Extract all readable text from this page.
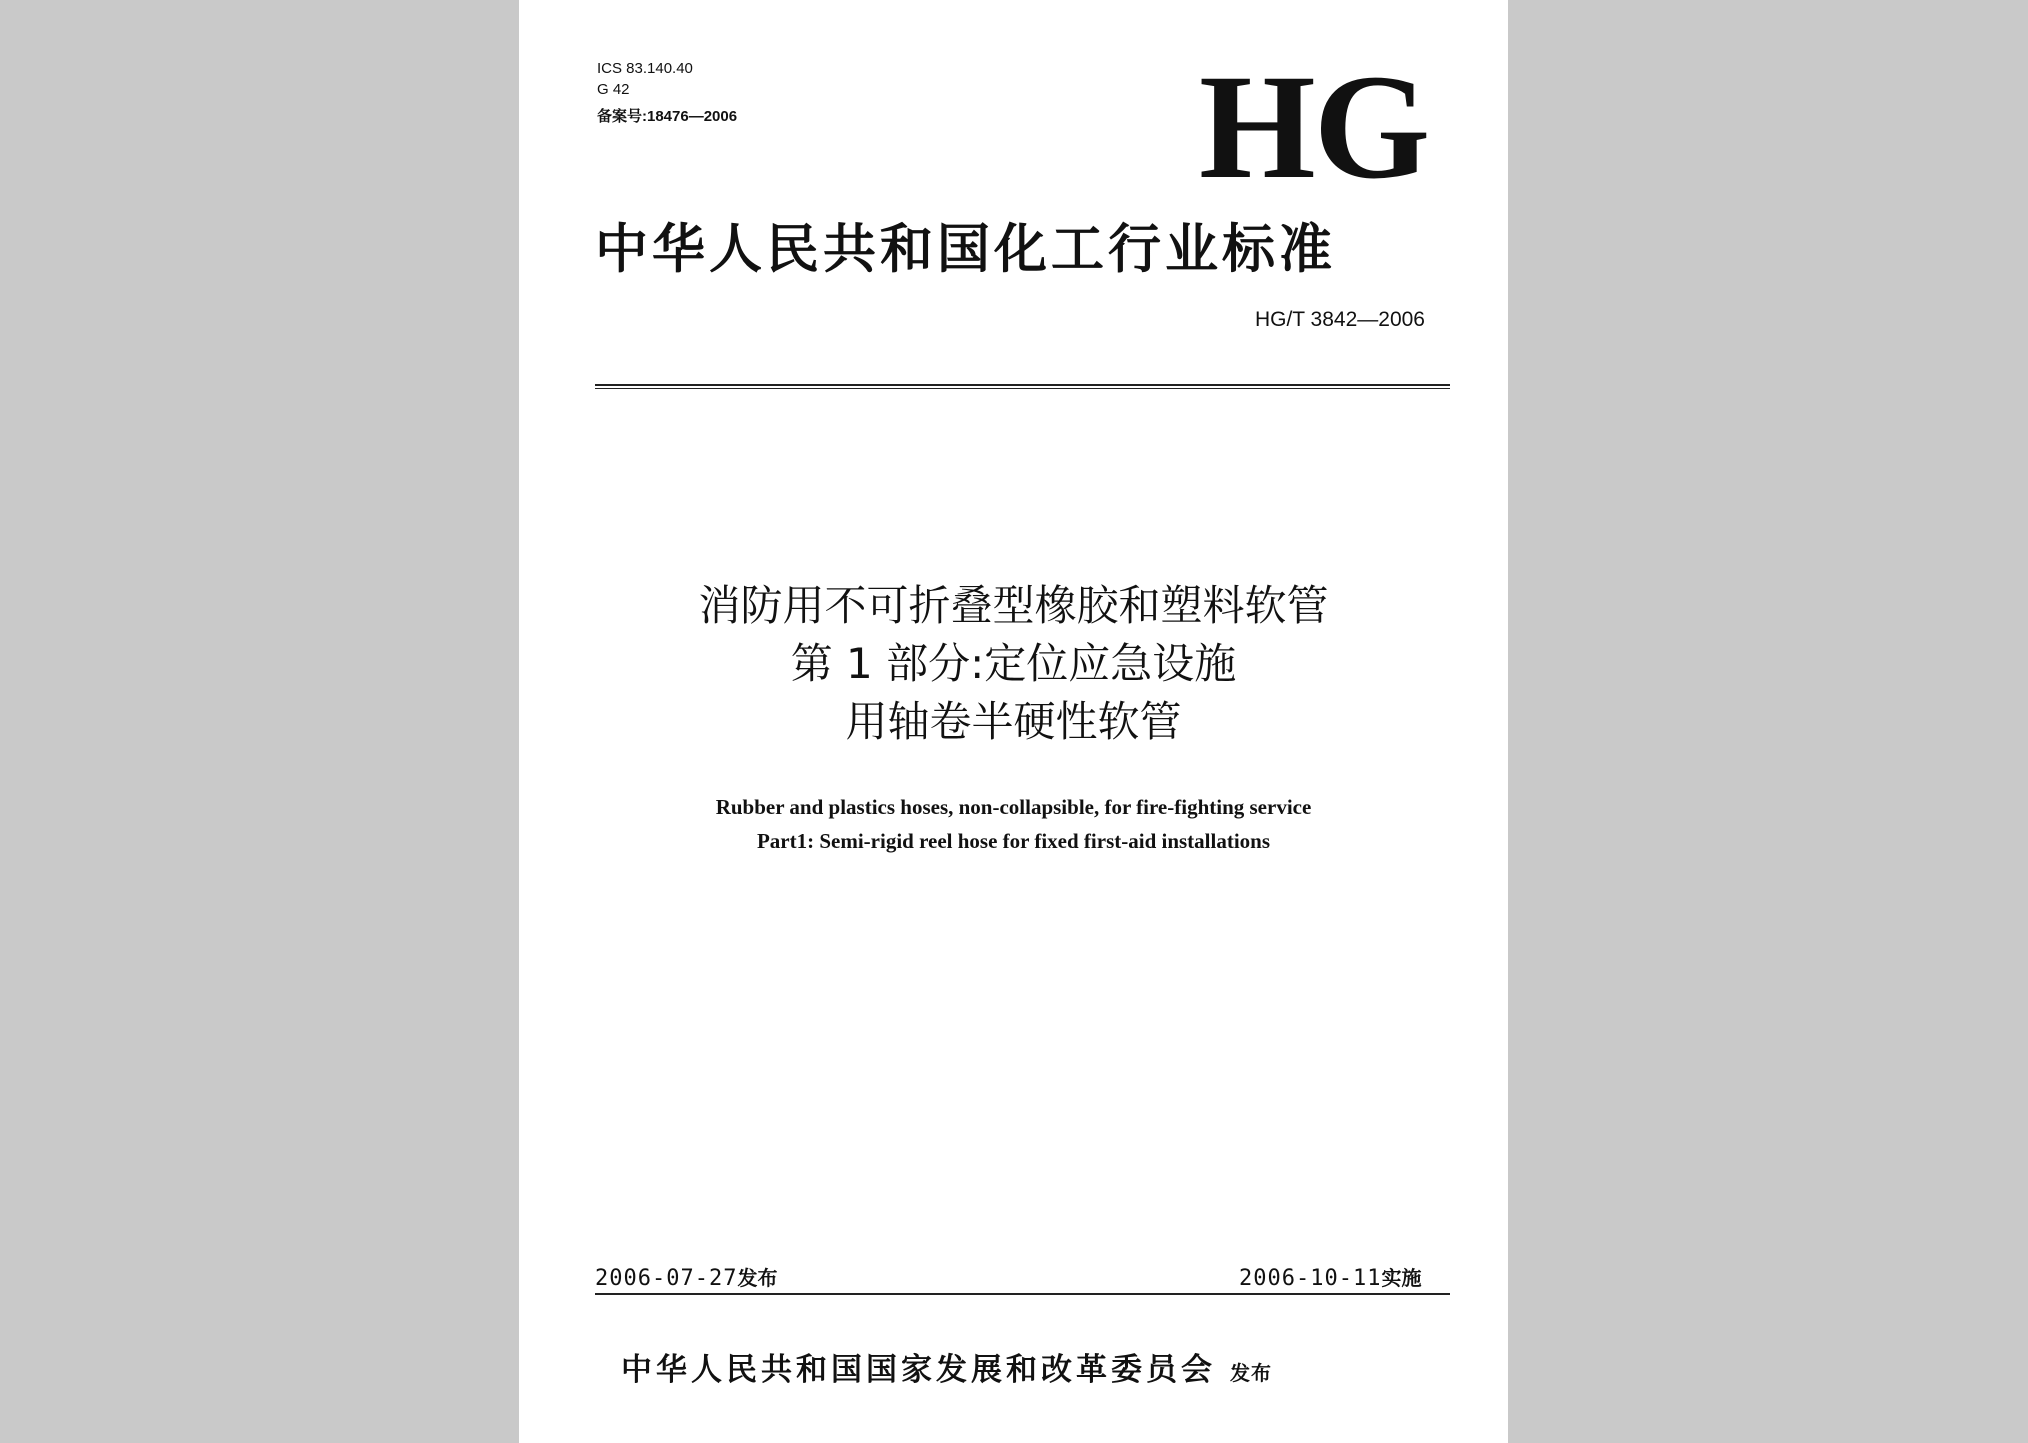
ICS 83.140.40
G 42
备案号:18476—2006	HG
中华人民共和国化工行业标准
HG/T 3842—2006
消防用不可折叠型橡胶和塑料软管
第 1 部分:定位应急设施
用轴卷半硬性软管
Rubber and plastics hoses, non-collapsible, for fire-fighting service
Part1: Semi-rigid reel hose for fixed first-aid installations
2006-07-27发布	2006-10-11实施
中华人民共和国国家发展和改革委员会 发布
